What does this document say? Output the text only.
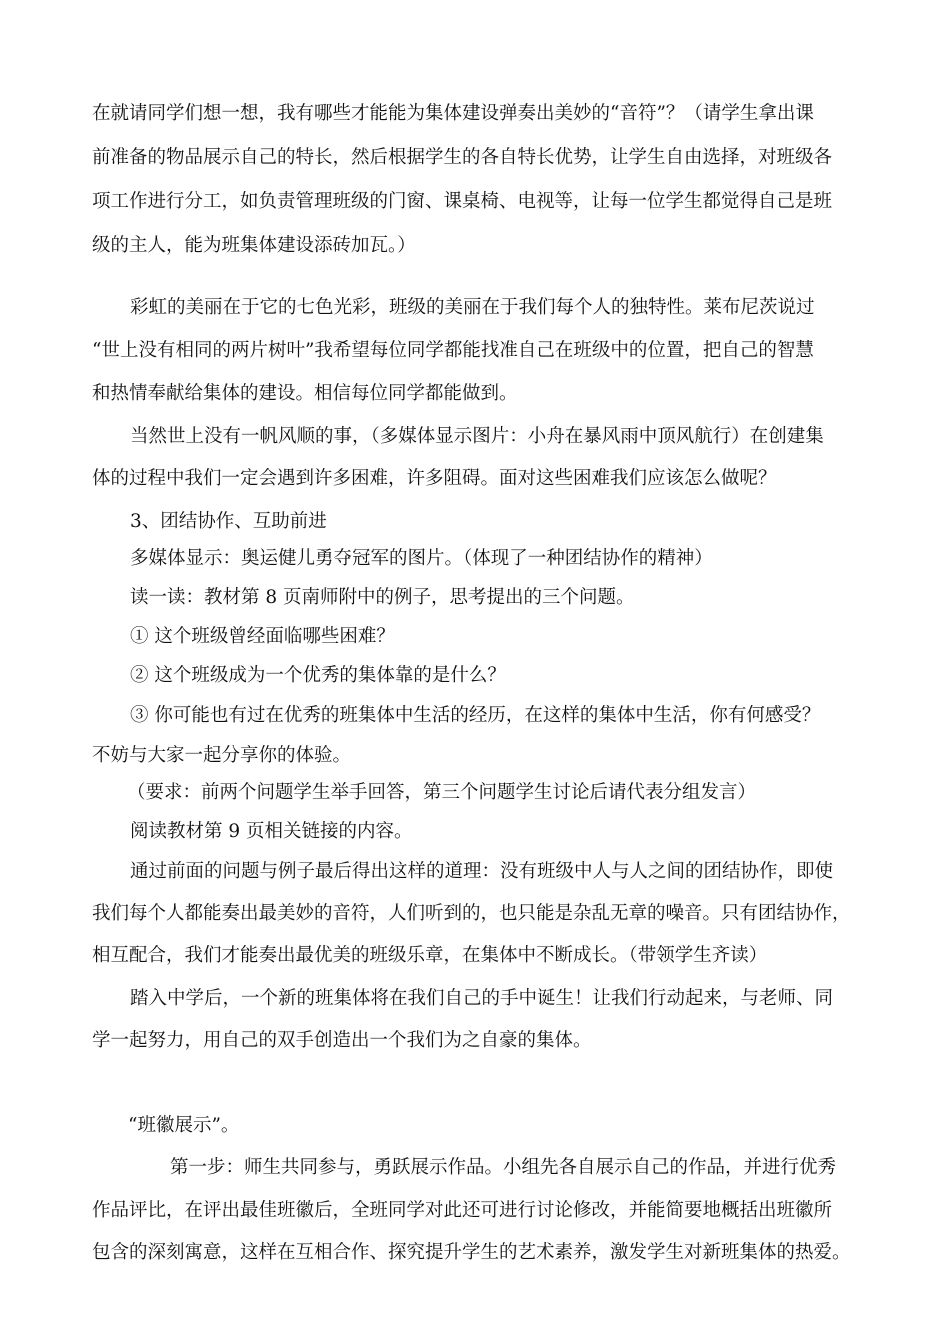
在就请同学们想一想，我有哪些才能能为集体建设弹奏出美妙的“音符”？（请学生拿出课
前准备的物品展示自己的特长，然后根据学生的各自特长优势，让学生自由选择，对班级各
项工作进行分工，如负责管理班级的门窗、课桌椅、电视等，让每一位学生都觉得自己是班
级的主人，能为班集体建设添砖加瓦。）
彩虹的美丽在于它的七色光彩，班级的美丽在于我们每个人的独特性。莱布尼茨说过
“世上没有相同的两片树叶”我希望每位同学都能找准自己在班级中的位置，把自己的智慧
和热情奉献给集体的建设。相信每位同学都能做到。
当然世上没有一帆风顺的事，（多媒体显示图片：小舟在暴风雨中顶风航行）在创建集
体的过程中我们一定会遇到许多困难，许多阻碍。面对这些困难我们应该怎么做呢？
3、团结协作、互助前进
多媒体显示：奥运健儿勇夺冠军的图片。（体现了一种团结协作的精神）
读一读：教材第 8 页南师附中的例子，思考提出的三个问题。
① 这个班级曾经面临哪些困难？
② 这个班级成为一个优秀的集体靠的是什么？
③ 你可能也有过在优秀的班集体中生活的经历，在这样的集体中生活，你有何感受？
不妨与大家一起分享你的体验。
（要求：前两个问题学生举手回答，第三个问题学生讨论后请代表分组发言）
阅读教材第 9 页相关链接的内容。
通过前面的问题与例子最后得出这样的道理：没有班级中人与人之间的团结协作，即使
我们每个人都能奏出最美妙的音符，人们听到的，也只能是杂乱无章的噪音。只有团结协作，
相互配合，我们才能奏出最优美的班级乐章，在集体中不断成长。（带领学生齐读）
踏入中学后，一个新的班集体将在我们自己的手中诞生！让我们行动起来，与老师、同
学一起努力，用自己的双手创造出一个我们为之自豪的集体。
“班徽展示”。
第一步：师生共同参与，勇跃展示作品。小组先各自展示自己的作品，并进行优秀
作品评比，在评出最佳班徽后，全班同学对此还可进行讨论修改，并能简要地概括出班徽所
包含的深刻寓意，这样在互相合作、探究提升学生的艺术素养，激发学生对新班集体的热爱。
